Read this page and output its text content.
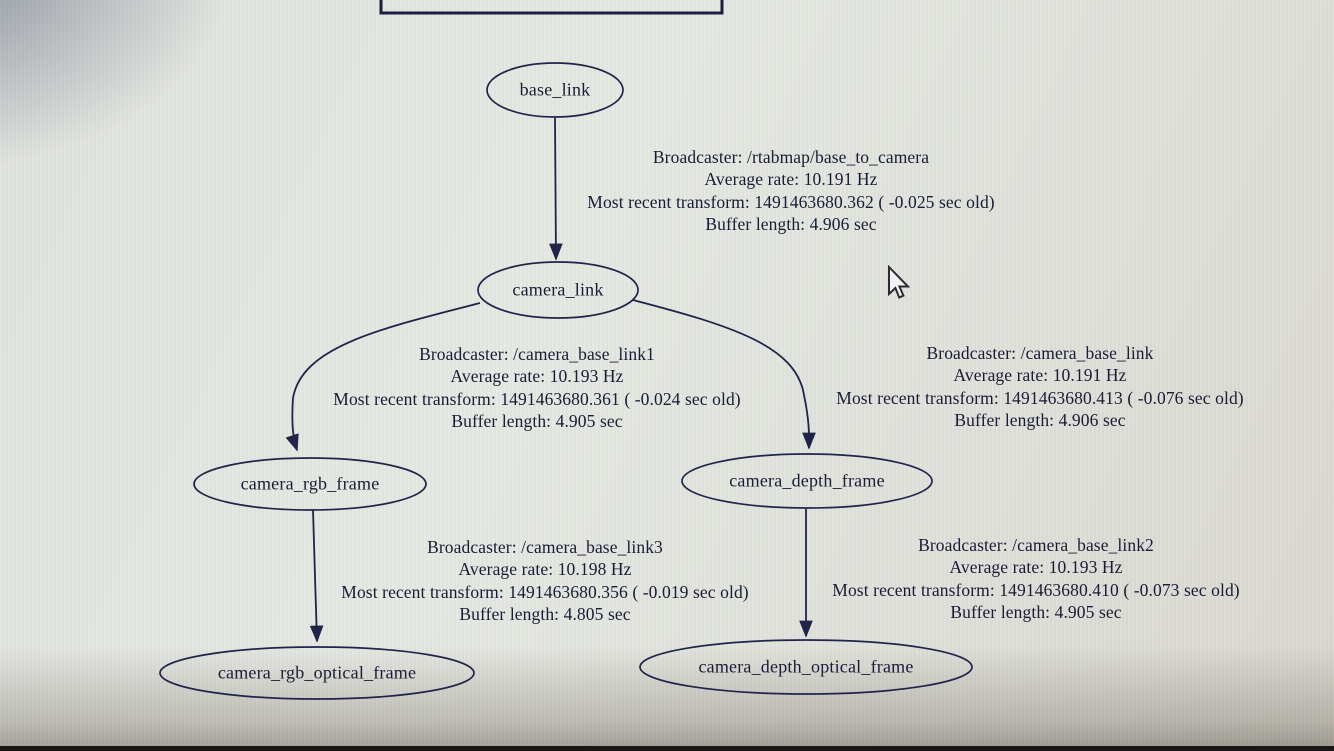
base_link
camera_link
camera_rgb_frame	camera_depth_frame
camera_rgb_optical_frame	camera_depth_optical_frame
Broadcaster: /rtabmap/base_to_camera
Average rate: 10.191 Hz
Most recent transform: 1491463680.362 ( -0.025 sec old)
Buffer length: 4.906 sec
Broadcaster: /camera_base_link1
Average rate: 10.193 Hz
Most recent transform: 1491463680.361 ( -0.024 sec old)
Buffer length: 4.905 sec
Broadcaster: /camera_base_link
Average rate: 10.191 Hz
Most recent transform: 1491463680.413 ( -0.076 sec old)
Buffer length: 4.906 sec
Broadcaster: /camera_base_link3
Average rate: 10.198 Hz
Most recent transform: 1491463680.356 ( -0.019 sec old)
Buffer length: 4.805 sec
Broadcaster: /camera_base_link2
Average rate: 10.193 Hz
Most recent transform: 1491463680.410 ( -0.073 sec old)
Buffer length: 4.905 sec
